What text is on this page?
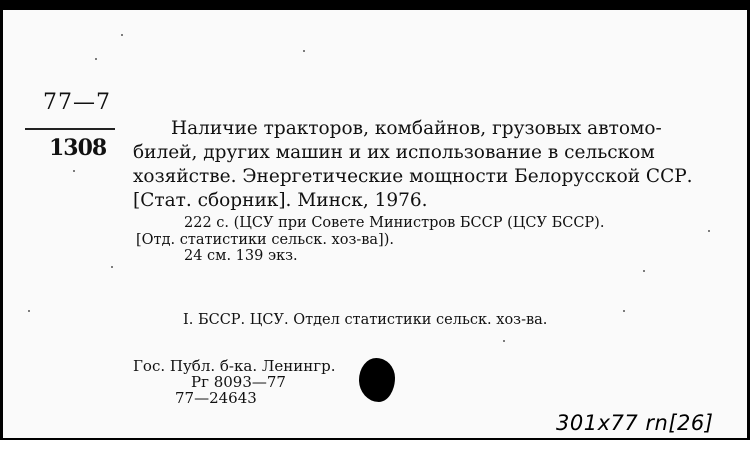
77—7
1308
Наличие тракторов, комбайнов, грузовых автомо-
билей, других машин и их использование в сельском
хозяйстве. Энергетические мощности Белорусской ССР.
[Стат. сборник]. Минск, 1976.
222 с. (ЦСУ при Совете Министров БССР (ЦСУ БССР).
[Отд. статистики сельск. хоз-ва]).
24 см. 139 экз.
I. БССР. ЦСУ. Отдел статистики сельск. хоз-ва.
Гос. Публ. б-ка. Ленингр.
Рг 8093—77
77—24643
301x77 rn[26]
